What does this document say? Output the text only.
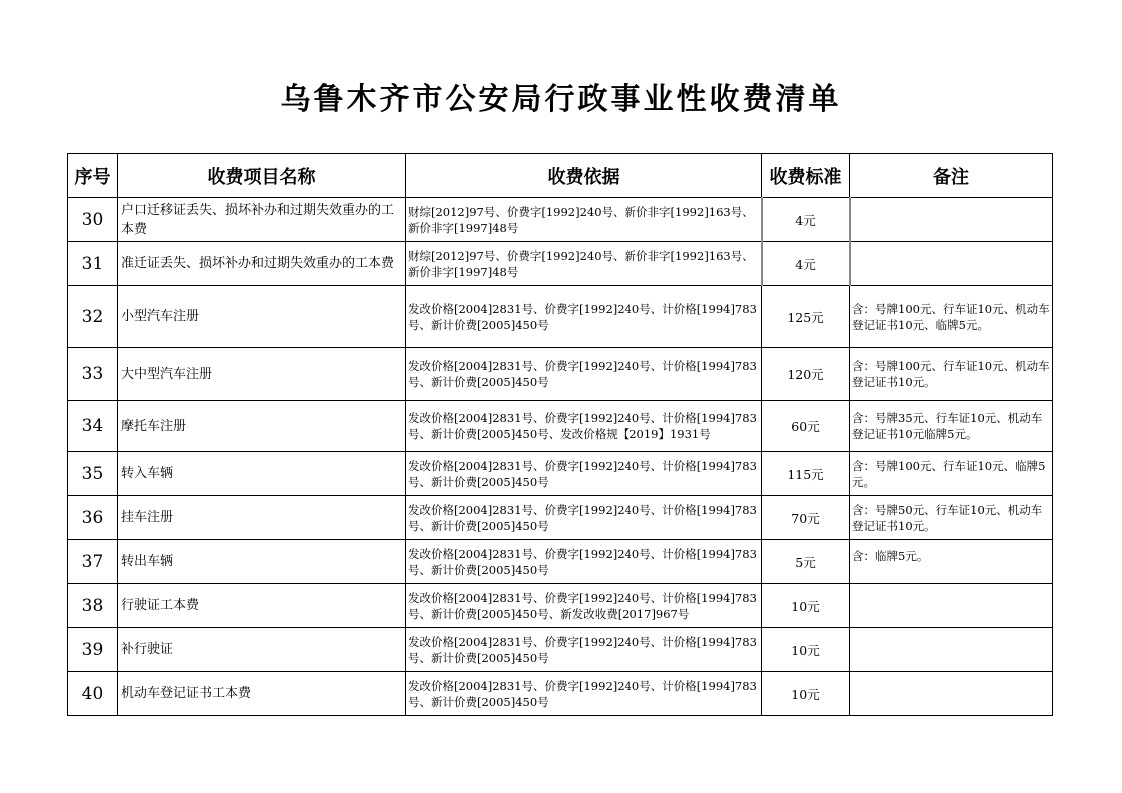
乌鲁木齐市公安局行政事业性收费清单
序号	收费项目名称	收费依据	收费标准	备注
30	户口迁移证丢失、损坏补办和过期失效重办的工本费	财综[2012]97号、价费字[1992]240号、新价非字[1992]163号、新价非字[1997]48号	4元	
31	准迁证丢失、损坏补办和过期失效重办的工本费	财综[2012]97号、价费字[1992]240号、新价非字[1992]163号、新价非字[1997]48号	4元	
32	小型汽车注册	发改价格[2004]2831号、价费字[1992]240号、计价格[1994]783号、新计价费[2005]450号	125元	含：号牌100元、行车证10元、机动车登记证书10元、临牌5元。
33	大中型汽车注册	发改价格[2004]2831号、价费字[1992]240号、计价格[1994]783号、新计价费[2005]450号	120元	含：号牌100元、行车证10元、机动车登记证书10元。
34	摩托车注册	发改价格[2004]2831号、价费字[1992]240号、计价格[1994]783号、新计价费[2005]450号、发改价格规【2019】1931号	60元	含：号牌35元、行车证10元、机动车登记证书10元临牌5元。
35	转入车辆	发改价格[2004]2831号、价费字[1992]240号、计价格[1994]783号、新计价费[2005]450号	115元	含：号牌100元、行车证10元、临牌5元。
36	挂车注册	发改价格[2004]2831号、价费字[1992]240号、计价格[1994]783号、新计价费[2005]450号	70元	含：号牌50元、行车证10元、机动车登记证书10元。
37	转出车辆	发改价格[2004]2831号、价费字[1992]240号、计价格[1994]783号、新计价费[2005]450号	5元	含：临牌5元。
38	行驶证工本费	发改价格[2004]2831号、价费字[1992]240号、计价格[1994]783号、新计价费[2005]450号、新发改收费[2017]967号	10元	
39	补行驶证	发改价格[2004]2831号、价费字[1992]240号、计价格[1994]783号、新计价费[2005]450号	10元	
40	机动车登记证书工本费	发改价格[2004]2831号、价费字[1992]240号、计价格[1994]783号、新计价费[2005]450号	10元	
